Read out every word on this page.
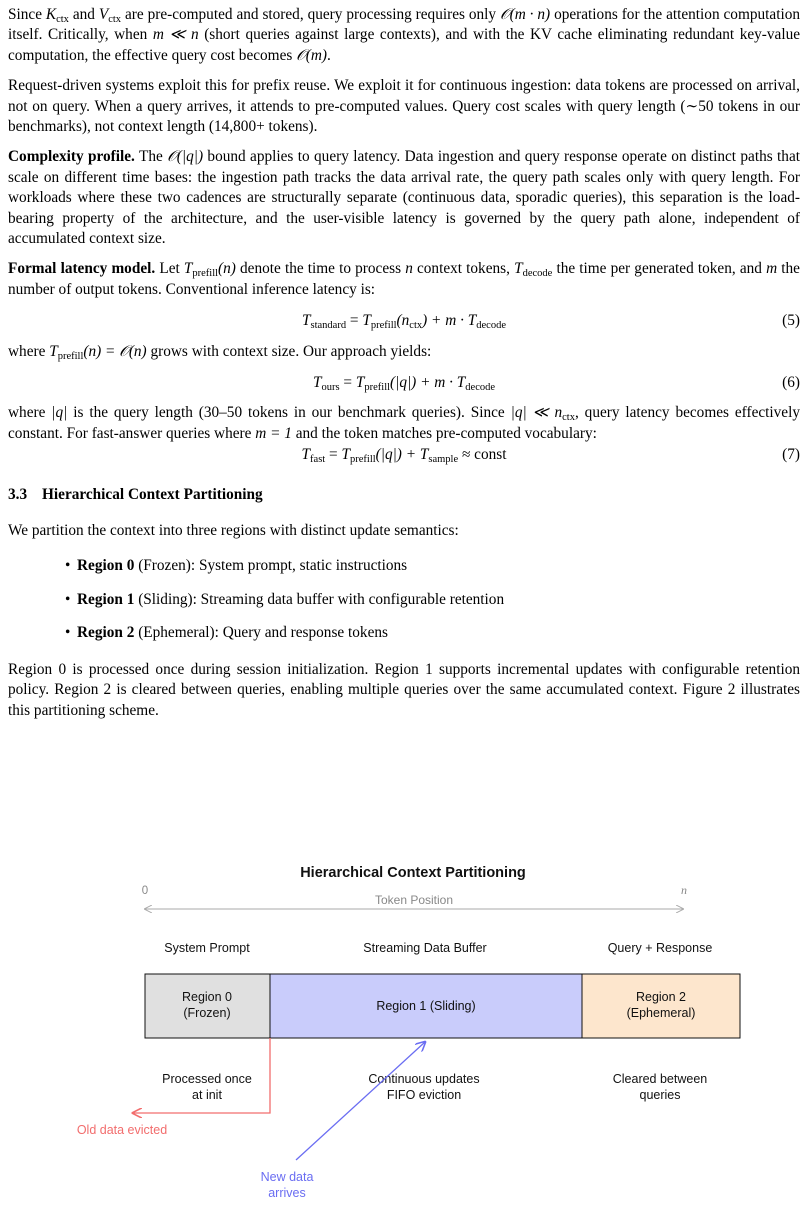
Since $K_{ctx}$ and $V_{ctx}$ are pre-computed and stored, query processing requires only 𝒪(m · n) operations for the attention computation itself. Critically, when m ≪ n (short queries against large contexts), and with the KV cache eliminating redundant key-value computation, the effective query cost becomes 𝒪(m).

Request-driven systems exploit this for prefix reuse. We exploit it for continuous ingestion: data tokens are processed on arrival, not on query. When a query arrives, it attends to pre-computed values. Query cost scales with query length (∼50 tokens in our benchmarks), not context length (14,800+ tokens).

Complexity profile. The 𝒪(|q|) bound applies to query latency. Data ingestion and query response operate on distinct paths that scale on different time bases: the ingestion path tracks the data arrival rate, the query path scales only with query length. For workloads where these two cadences are structurally separate (continuous data, sporadic queries), this separation is the load-bearing property of the architecture, and the user-visible latency is governed by the query path alone, independent of accumulated context size.

Formal latency model. Let $T_{prefill}(n)$ denote the time to process n context tokens, $T_{decode}$ the time per generated token, and m the number of output tokens. Conventional inference latency is:

$T_{standard} = T_{prefill}(n_{ctx}) + m \cdot T_{decode}$	(5)

where $T_{prefill}(n)$ = 𝒪(n) grows with context size. Our approach yields:

$T_{ours} = T_{prefill}(|q|) + m \cdot T_{decode}$	(6)

where |q| is the query length (30–50 tokens in our benchmark queries). Since |q| ≪ $n_{ctx}$, query latency becomes effectively constant. For fast-answer queries where m = 1 and the token matches pre-computed vocabulary:

$T_{fast} = T_{prefill}(|q|) + T_{sample}$ ≈ const	(7)
3.3 Hierarchical Context Partitioning

We partition the context into three regions with distinct update semantics:

• Region 0 (Frozen): System prompt, static instructions
• Region 1 (Sliding): Streaming data buffer with configurable retention
• Region 2 (Ephemeral): Query and response tokens

Region 0 is processed once during session initialization. Region 1 supports incremental updates with configurable retention policy. Region 2 is cleared between queries, enabling multiple queries over the same accumulated context. Figure 2 illustrates this partitioning scheme.

Hierarchical Context Partitioning
0	n
Token Position
System Prompt	Streaming Data Buffer	Query + Response
Region 0
(Frozen)	Region 1 (Sliding)
Region 2
(Ephemeral)
Processed once
at init
Continuous updates
FIFO eviction
Cleared between
queries
Old data evicted
New data
arrives
